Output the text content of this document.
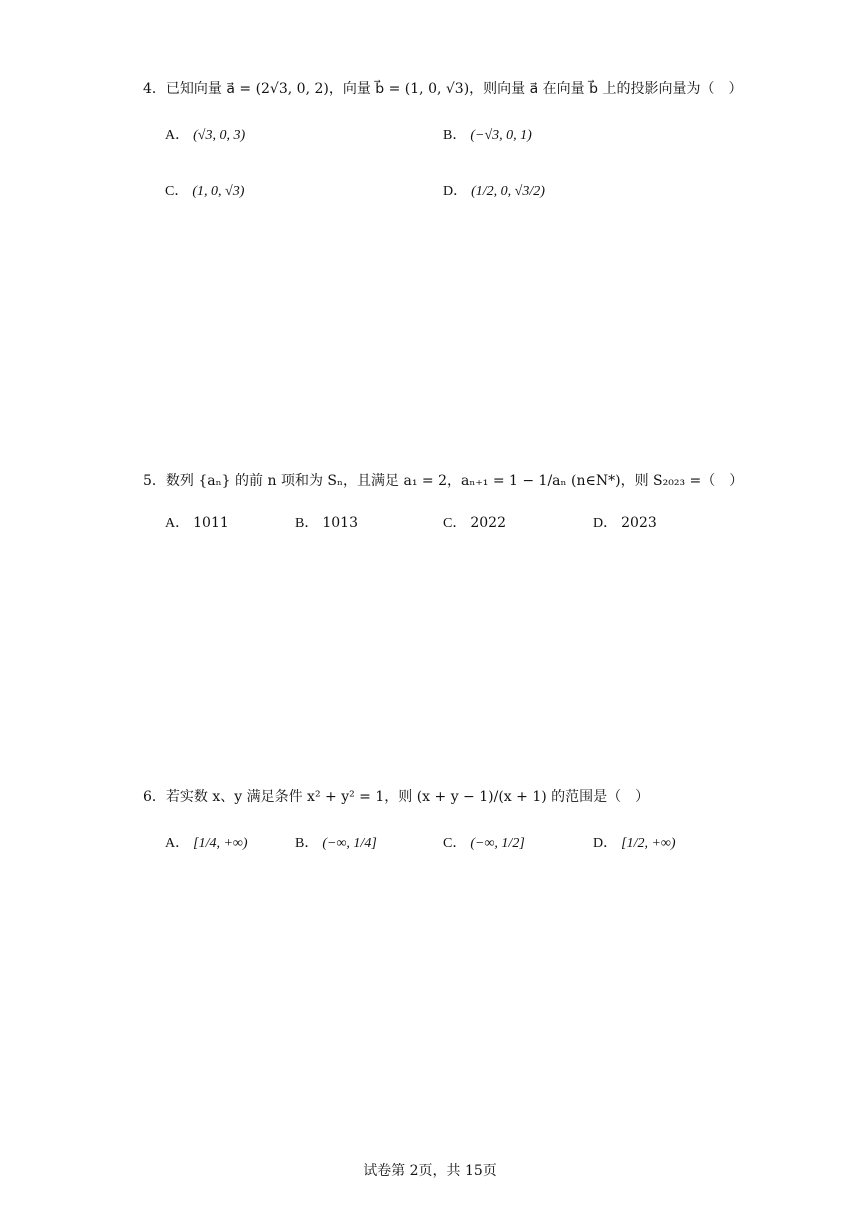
4．已知向量 a⃗ = (2√3, 0, 2)，向量 b⃗ = (1, 0, √3)，则向量 a⃗ 在向量 b⃗ 上的投影向量为（　）
A． (√3, 0, 3)	B． (−√3, 0, 1)
C． (1, 0, √3)	D． (1/2, 0, √3/2)
5．数列 {aₙ} 的前 n 项和为 Sₙ，且满足 a₁ = 2，aₙ₊₁ = 1 − 1/aₙ (n∈N*)，则 S₂₀₂₃ =（　）
A． 1011	B． 1013	C． 2022	D． 2023
6．若实数 x、y 满足条件 x² + y² = 1，则 (x + y − 1)/(x + 1) 的范围是（　）
A． [1/4, +∞)	B． (−∞, 1/4]	C． (−∞, 1/2]	D． [1/2, +∞)
试卷第 2页，共 15页
